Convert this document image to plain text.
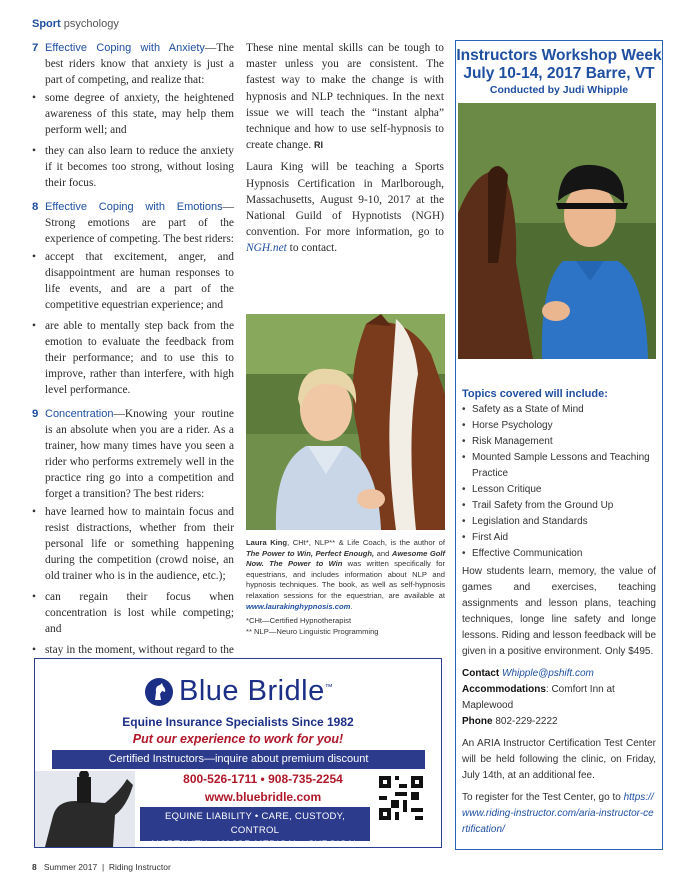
Sport psychology
7 Effective Coping with Anxiety—The best riders know that anxiety is just a part of competing, and realize that:
• some degree of anxiety, the heightened awareness of this state, may help them perform well; and
• they can also learn to reduce the anxiety if it becomes too strong, without losing their focus.
8 Effective Coping with Emotions—Strong emotions are part of the experience of competing. The best riders:
• accept that excitement, anger, and disappointment are human responses to life events, and are a part of the competitive equestrian experience; and
• are able to mentally step back from the emotion to evaluate the feedback from their performance; and to use this to improve, rather than interfere, with high level performance.
9 Concentration—Knowing your routine is an absolute when you are a rider. As a trainer, how many times have you seen a rider who performs extremely well in the practice ring go into a competition and forget a transition? The best riders:
• have learned how to maintain focus and resist distractions, whether from their personal life or something happening during the competition (crowd noise, an old trainer who is in the audience, etc.);
• can regain their focus when concentration is lost while competing; and
• stay in the moment, without regard to the

These nine mental skills can be tough to master unless you are consistent. The fastest way to make the change is with hypnosis and NLP techniques. In the next issue we will teach the “instant alpha” technique and how to use self-hypnosis to create change. RI

Laura King will be teaching a Sports Hypnosis Certification in Marlborough, Massachusetts, August 9-10, 2017 at the National Guild of Hypnotists (NGH) convention. For more information, go to NGH.net to contact.

Laura King, CHt*, NLP** & Life Coach, is the author of The Power to Win, Perfect Enough, and Awesome Golf Now. The Power to Win was written specifically for equestrians, and includes information about NLP and hypnosis techniques. The book, as well as self-hypnosis relaxation sessions for the equestrian, are available at www.laurakinghypnosis.com.
*CHt—Certified Hypnotherapist
** NLP—Neuro Linguistic Programming
Blue Bridle™
Equine Insurance Specialists Since 1982
Put our experience to work for you!
Certified Instructors—inquire about premium discount
800-526-1711 • 908-735-2254
www.bluebridle.com
EQUINE LIABILITY • CARE, CUSTODY, CONTROL
MORTALITY • MAJOR MEDICAL • SURGICAL
Instructors Workshop Week
July 10-14, 2017 Barre, VT
Conducted by Judi Whipple
Topics covered will include:
• Safety as a State of Mind
• Horse Psychology
• Risk Management
• Mounted Sample Lessons and Teaching Practice
• Lesson Critique
• Trail Safety from the Ground Up
• Legislation and Standards
• First Aid
• Effective Communication

How students learn, memory, the value of games and exercises, teaching assignments and lesson plans, teaching techniques, longe line safety and longe lessons. Riding and lesson feedback will be given in a positive environment. Only $495.

Contact Whipple@pshift.com

Accommodations: Comfort Inn at Maplewood

Phone 802-229-2222

An ARIA Instructor Certification Test Center will be held following the clinic, on Friday, July 14th, at an additional fee.

To register for the Test Center, go to https://www.riding-instructor.com/aria-instructor-certification/

8 Summer 2017 | Riding Instructor
